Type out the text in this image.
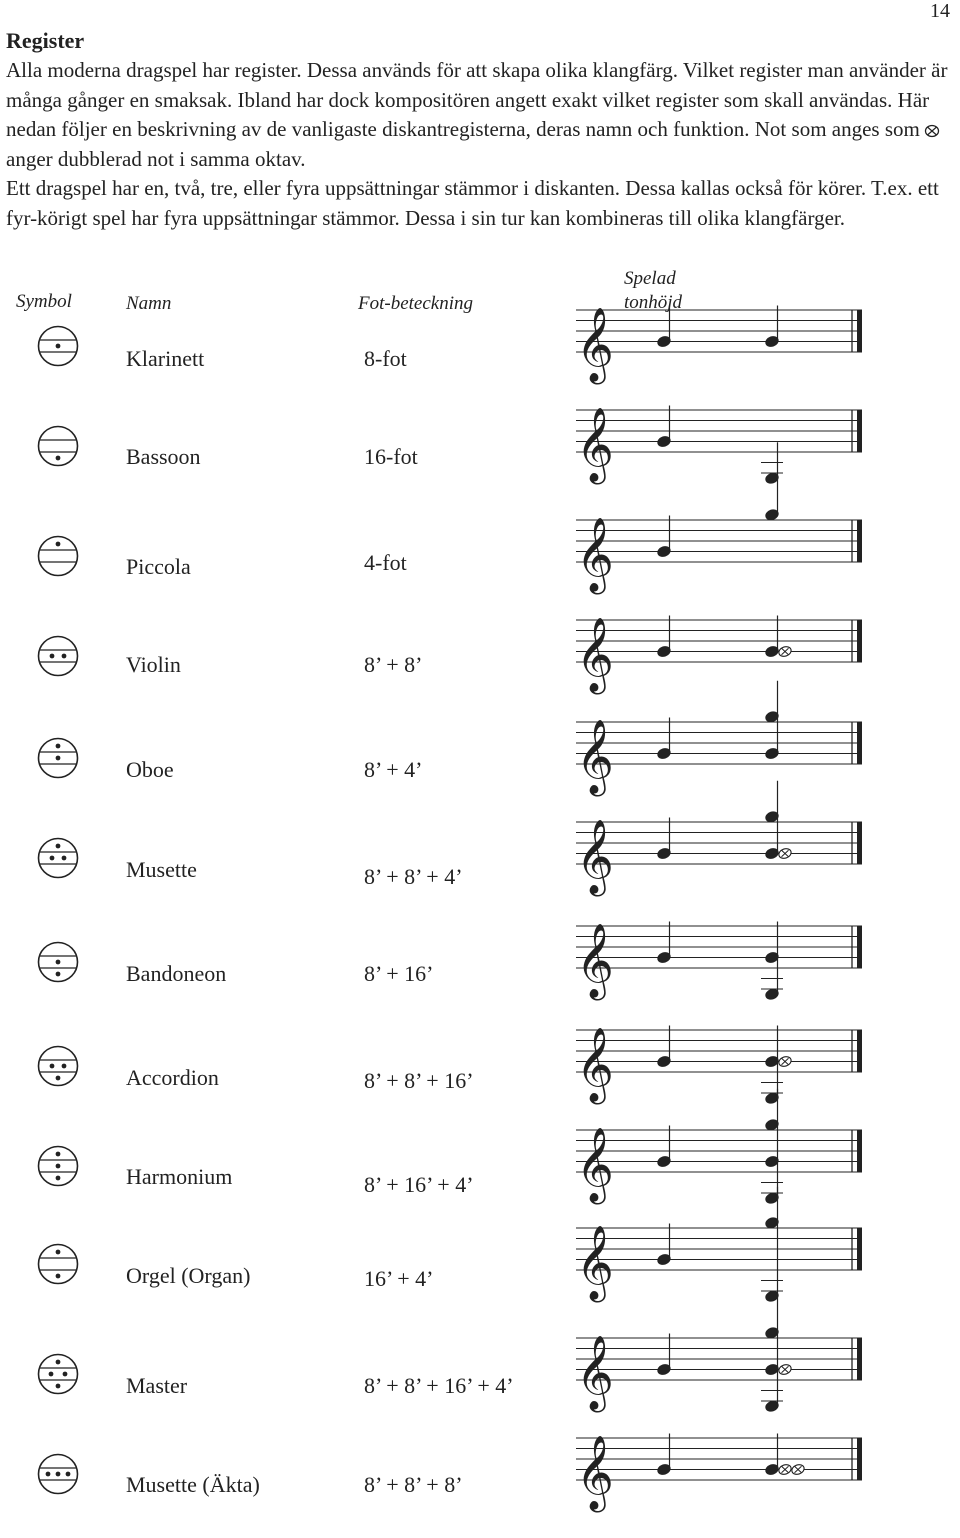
14
Register

Alla moderna dragspel har register. Dessa används för att skapa olika klangfärg. Vilket register man använder är många gånger en smaksak. Ibland har dock kompositören angett exakt vilket register som skall användas. Här nedan följer en beskrivning av de vanligaste diskantregisterna, deras namn och funktion. Not som anges somanger dubblerad not i samma oktav.

Ett dragspel har en, två, tre, eller fyra uppsättningar stämmor i diskanten. Dessa kallas också för körer. T.ex. ett fyr-körigt spel har fyra uppsättningar stämmor. Dessa i sin tur kan kombineras till olika klangfärger.

Symbol	Namn	Fot-beteckning
Spelad
tonhöjd
Klarinett	8-fot	𝄞
Bassoon	16-fot 𝄞
Piccola	4-fot	𝄞
Violin	8’ + 8’ 𝄞
Oboe	8’ + 4’ 𝄞
Musette	8’ + 8’ + 4’ 𝄞
Bandoneon	8’ + 16’ 𝄞
Accordion	8’ + 8’ + 16’ 𝄞
Harmonium	8’ + 16’ + 4’ 𝄞
Orgel (Organ)	16’ + 4’ 𝄞
Master	8’ + 8’ + 16’ + 4’ 𝄞
Musette (Äkta)	8’ + 8’ + 8’ 𝄞
